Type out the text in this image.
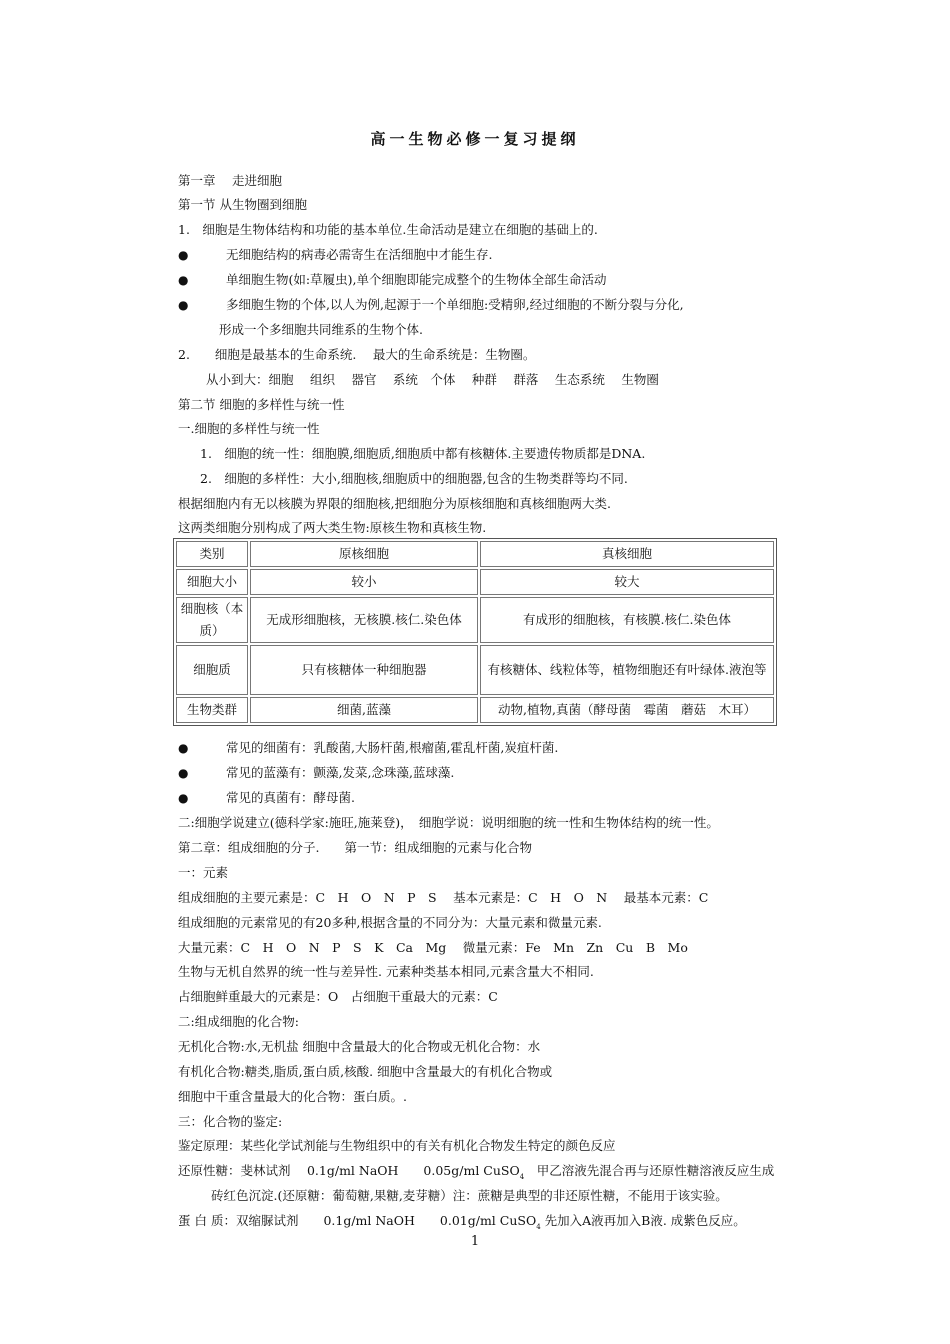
高一生物必修一复习提纲
第一章　 走进细胞
第一节 从生物圈到细胞
1.　细胞是生物体结构和功能的基本单位.生命活动是建立在细胞的基础上的.
●	无细胞结构的病毒必需寄生在活细胞中才能生存.
●	单细胞生物(如:草履虫),单个细胞即能完成整个的生物体全部生命活动
●	多细胞生物的个体,以人为例,起源于一个单细胞:受精卵,经过细胞的不断分裂与分化,
形成一个多细胞共同维系的生物个体.
2.　　细胞是最基本的生命系统.　 最大的生命系统是：生物圈。
从小到大：细胞　 组织　 器官　 系统　个体　 种群　 群落　 生态系统　 生物圈
第二节 细胞的多样性与统一性
一.细胞的多样性与统一性
1.　细胞的统一性：细胞膜,细胞质,细胞质中都有核糖体.主要遗传物质都是DNA.
2.　细胞的多样性：大小,细胞核,细胞质中的细胞器,包含的生物类群等均不同.
根据细胞内有无以核膜为界限的细胞核,把细胞分为原核细胞和真核细胞两大类.
这两类细胞分别构成了两大类生物:原核生物和真核生物.
类别	原核细胞	真核细胞
细胞大小	较小	较大
细胞核（本质）	无成形细胞核，无核膜.核仁.染色体	有成形的细胞核，有核膜.核仁.染色体
细胞质	只有核糖体一种细胞器	有核糖体、线粒体等，植物细胞还有叶绿体.液泡等
生物类群	细菌,蓝藻	动物,植物,真菌（酵母菌　霉菌　蘑菇　木耳）
●	常见的细菌有：乳酸菌,大肠杆菌,根瘤菌,霍乱杆菌,炭疽杆菌.
●	常见的蓝藻有：颤藻,发菜,念珠藻,蓝球藻.
●	常见的真菌有：酵母菌.
二:细胞学说建立(德科学家:施旺,施莱登)，　细胞学说：说明细胞的统一性和生物体结构的统一性。
第二章：组成细胞的分子.　　第一节：组成细胞的元素与化合物
一：元素
组成细胞的主要元素是：C　H　O　N　P　S　 基本元素是：C　H　O　N　 最基本元素：C
组成细胞的元素常见的有20多种,根据含量的不同分为：大量元素和微量元素.
大量元素：C　H　O　N　P　S　K　Ca　Mg　 微量元素：Fe　Mn　Zn　Cu　B　Mo
生物与无机自然界的统一性与差异性. 元素种类基本相同,元素含量大不相同.
占细胞鲜重最大的元素是：O　占细胞干重最大的元素：C
二:组成细胞的化合物:
无机化合物:水,无机盐 细胞中含量最大的化合物或无机化合物：水
有机化合物:糖类,脂质,蛋白质,核酸. 细胞中含量最大的有机化合物或
细胞中干重含量最大的化合物：蛋白质。.
三：化合物的鉴定:
鉴定原理：某些化学试剂能与生物组织中的有关有机化合物发生特定的颜色反应
还原性糖：斐林试剂　 0.1g/ml NaOH　　0.05g/ml CuSO$_4$　甲乙溶液先混合再与还原性糖溶液反应生成
砖红色沉淀.(还原糖：葡萄糖,果糖,麦芽糖）注：蔗糖是典型的非还原性糖，不能用于该实验。
蛋 白 质：双缩脲试剂　　0.1g/ml NaOH　　0.01g/ml CuSO$_4$ 先加入A液再加入B液. 成紫色反应。
1
